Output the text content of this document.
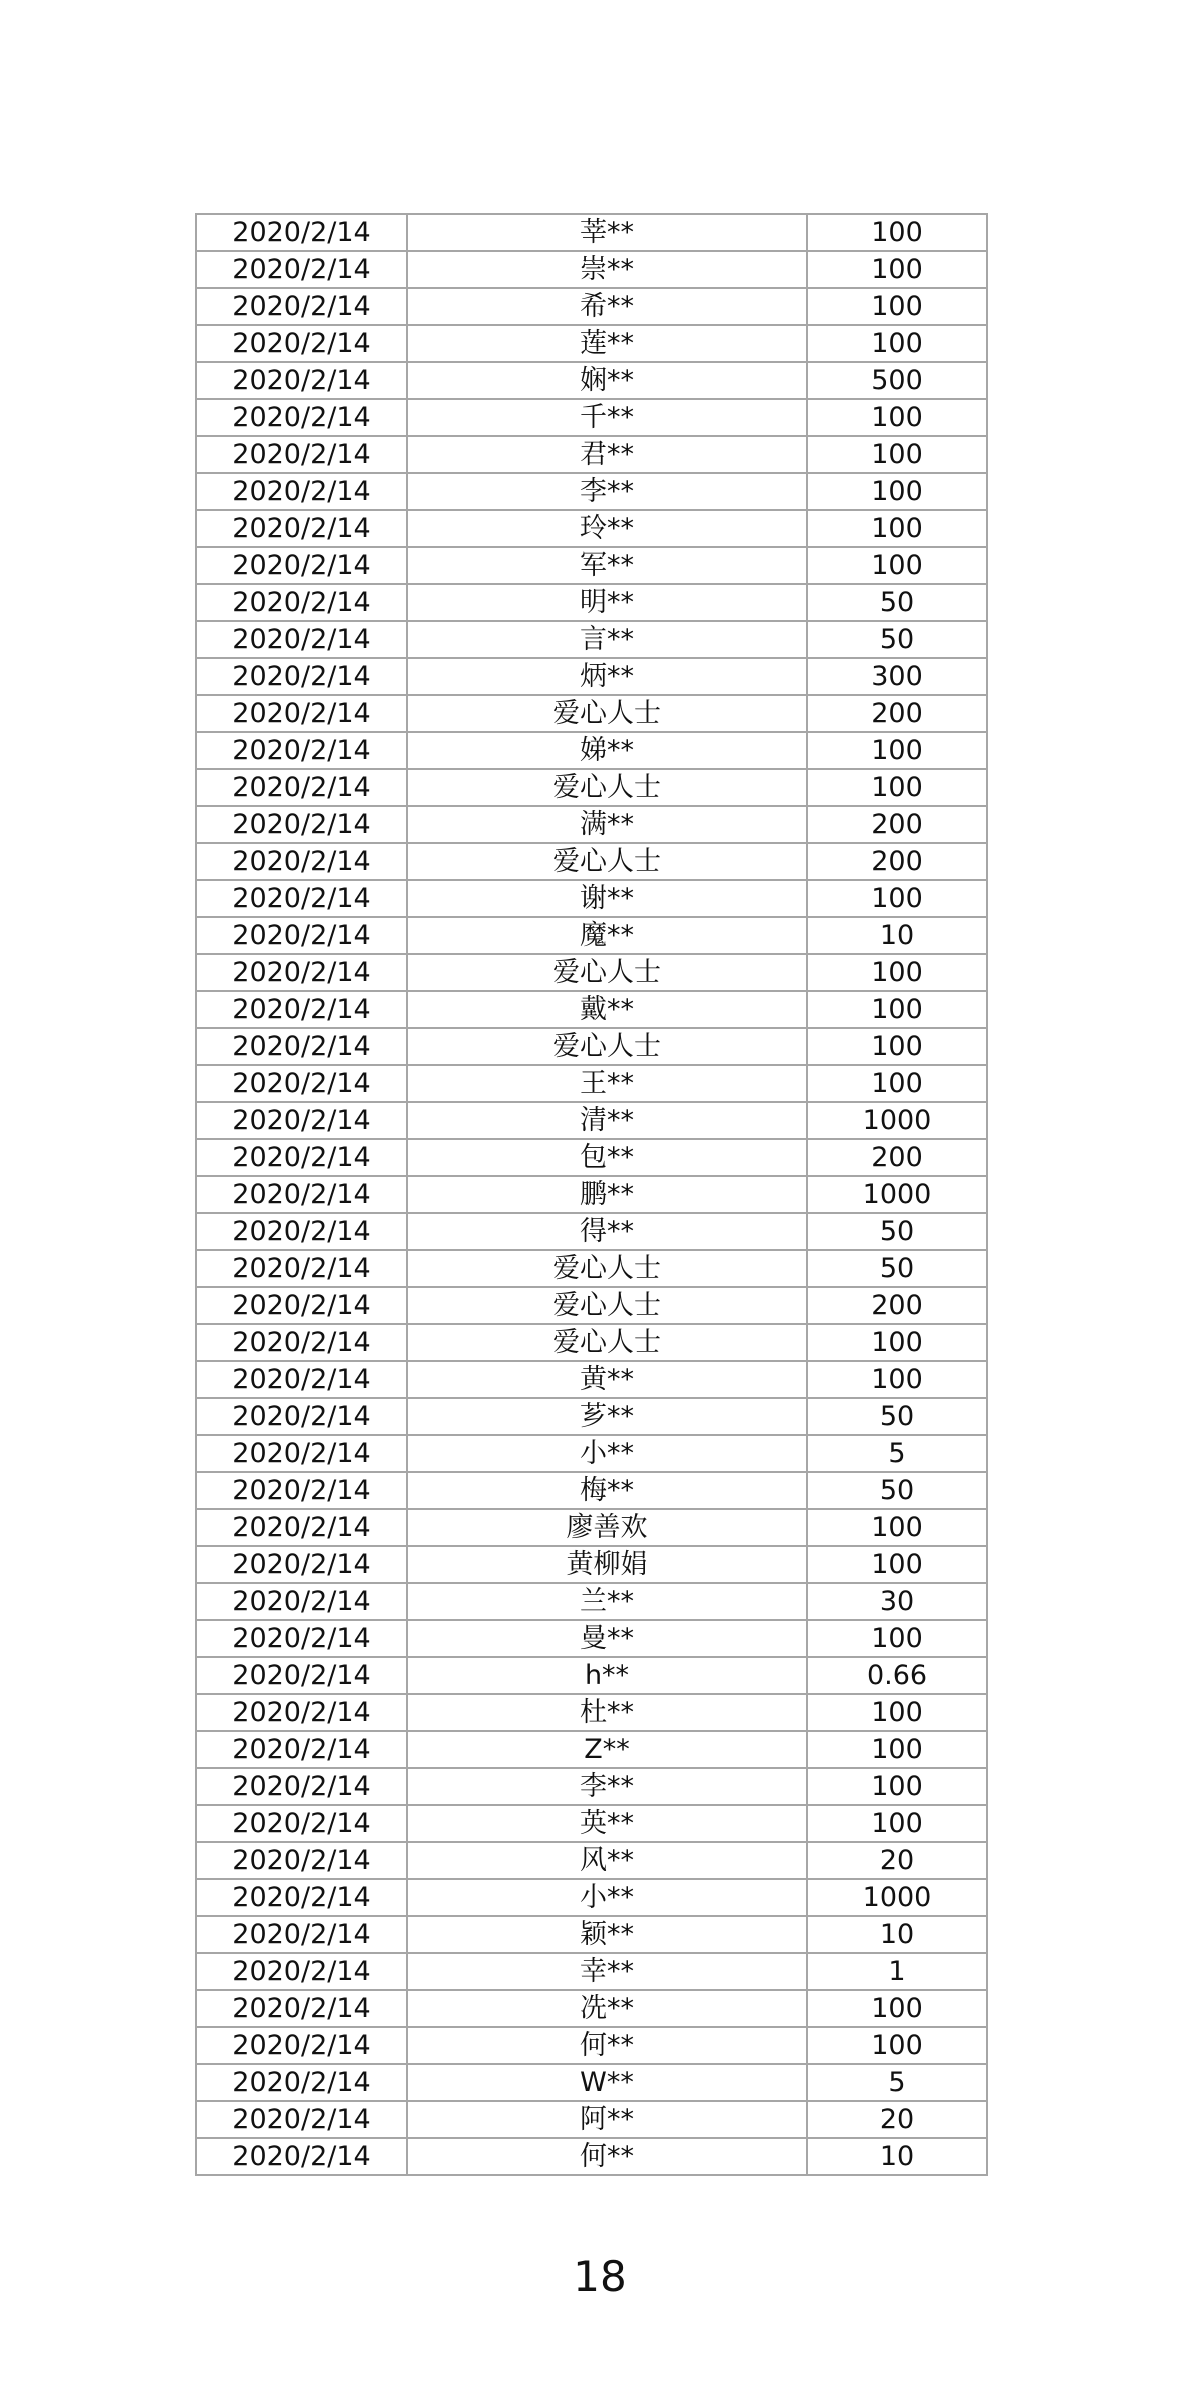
2020/2/14	莘**	100
2020/2/14	崇**	100
2020/2/14	希**	100
2020/2/14	莲**	100
2020/2/14	娴**	500
2020/2/14	千**	100
2020/2/14	君**	100
2020/2/14	李**	100
2020/2/14	玲**	100
2020/2/14	军**	100
2020/2/14	明**	50
2020/2/14	言**	50
2020/2/14	炳**	300
2020/2/14	爱心人士	200
2020/2/14	娣**	100
2020/2/14	爱心人士	100
2020/2/14	满**	200
2020/2/14	爱心人士	200
2020/2/14	谢**	100
2020/2/14	魔**	10
2020/2/14	爱心人士	100
2020/2/14	戴**	100
2020/2/14	爱心人士	100
2020/2/14	王**	100
2020/2/14	清**	1000
2020/2/14	包**	200
2020/2/14	鹏**	1000
2020/2/14	得**	50
2020/2/14	爱心人士	50
2020/2/14	爱心人士	200
2020/2/14	爱心人士	100
2020/2/14	黄**	100
2020/2/14	芗**	50
2020/2/14	小**	5
2020/2/14	梅**	50
2020/2/14	廖善欢	100
2020/2/14	黄柳娟	100
2020/2/14	兰**	30
2020/2/14	曼**	100
2020/2/14	h**	0.66
2020/2/14	杜**	100
2020/2/14	Z**	100
2020/2/14	李**	100
2020/2/14	英**	100
2020/2/14	风**	20
2020/2/14	小**	1000
2020/2/14	颖**	10
2020/2/14	幸**	1
2020/2/14	冼**	100
2020/2/14	何**	100
2020/2/14	W**	5
2020/2/14	阿**	20
2020/2/14	何**	10
18
